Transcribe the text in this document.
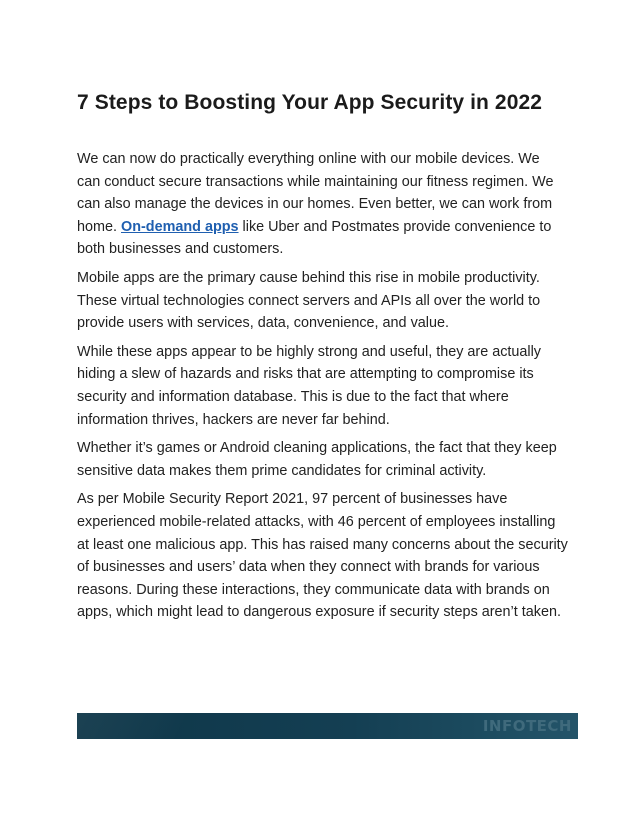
7 Steps to Boosting Your App Security in 2022

We can now do practically everything online with our mobile devices. We
can conduct secure transactions while maintaining our fitness regimen. We
can also manage the devices in our homes. Even better, we can work from
home. On-demand apps like Uber and Postmates provide convenience to
both businesses and customers.

Mobile apps are the primary cause behind this rise in mobile productivity.
These virtual technologies connect servers and APIs all over the world to
provide users with services, data, convenience, and value.

While these apps appear to be highly strong and useful, they are actually
hiding a slew of hazards and risks that are attempting to compromise its
security and information database. This is due to the fact that where
information thrives, hackers are never far behind.

Whether it’s games or Android cleaning applications, the fact that they keep
sensitive data makes them prime candidates for criminal activity.

As per Mobile Security Report 2021, 97 percent of businesses have
experienced mobile-related attacks, with 46 percent of employees installing
at least one malicious app. This has raised many concerns about the security
of businesses and users’ data when they connect with brands for various
reasons. During these interactions, they communicate data with brands on
apps, which might lead to dangerous exposure if security steps aren’t taken.

INFOTECH
